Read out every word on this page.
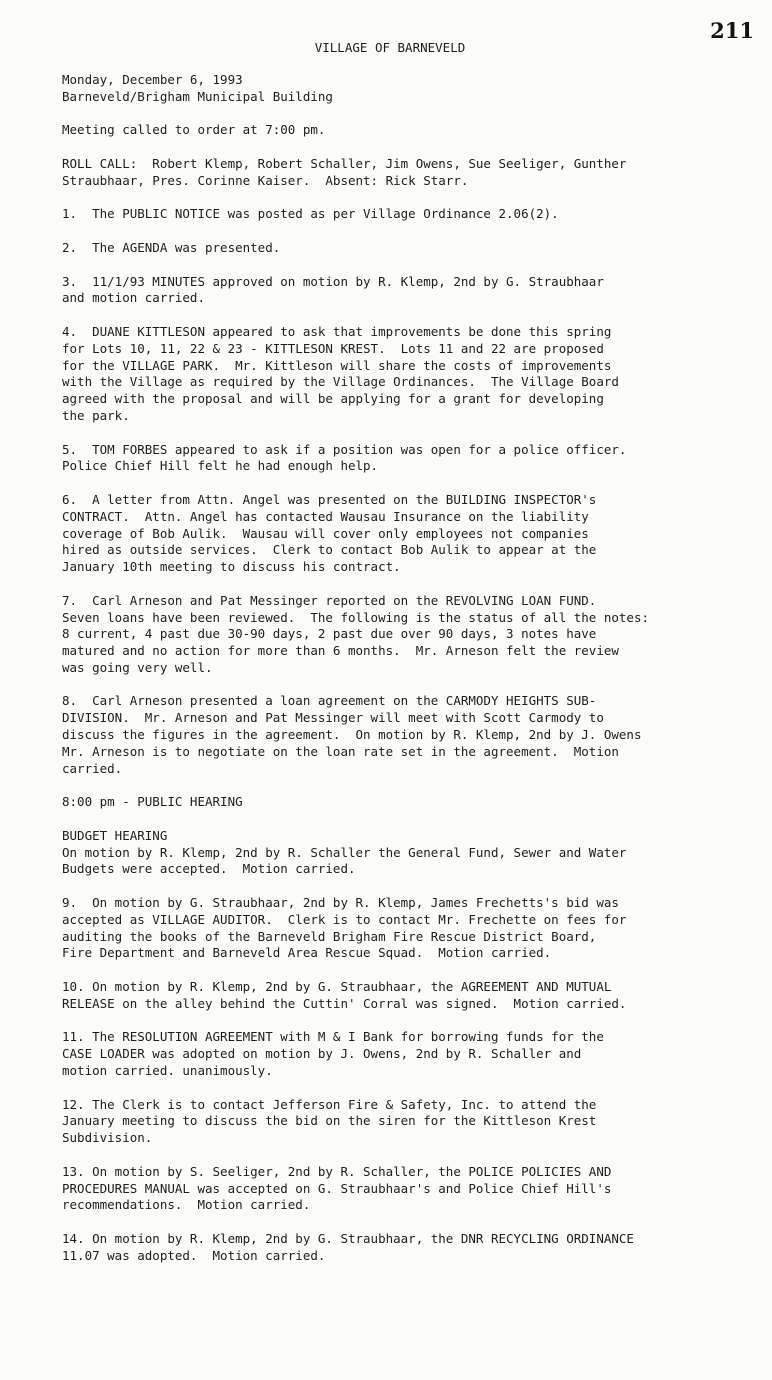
211
VILLAGE OF BARNEVELD
Monday, December 6, 1993
Barneveld/Brigham Municipal Building
Meeting called to order at 7:00 pm.
ROLL CALL:  Robert Klemp, Robert Schaller, Jim Owens, Sue Seeliger, Gunther
Straubhaar, Pres. Corinne Kaiser.  Absent: Rick Starr.
1.  The PUBLIC NOTICE was posted as per Village Ordinance 2.06(2).
2.  The AGENDA was presented.
3.  11/1/93 MINUTES approved on motion by R. Klemp, 2nd by G. Straubhaar
and motion carried.
4.  DUANE KITTLESON appeared to ask that improvements be done this spring
for Lots 10, 11, 22 & 23 - KITTLESON KREST.  Lots 11 and 22 are proposed
for the VILLAGE PARK.  Mr. Kittleson will share the costs of improvements
with the Village as required by the Village Ordinances.  The Village Board
agreed with the proposal and will be applying for a grant for developing
the park.
5.  TOM FORBES appeared to ask if a position was open for a police officer.
Police Chief Hill felt he had enough help.
6.  A letter from Attn. Angel was presented on the BUILDING INSPECTOR's
CONTRACT.  Attn. Angel has contacted Wausau Insurance on the liability
coverage of Bob Aulik.  Wausau will cover only employees not companies
hired as outside services.  Clerk to contact Bob Aulik to appear at the
January 10th meeting to discuss his contract.
7.  Carl Arneson and Pat Messinger reported on the REVOLVING LOAN FUND.
Seven loans have been reviewed.  The following is the status of all the notes:
8 current, 4 past due 30-90 days, 2 past due over 90 days, 3 notes have
matured and no action for more than 6 months.  Mr. Arneson felt the review
was going very well.
8.  Carl Arneson presented a loan agreement on the CARMODY HEIGHTS SUB-
DIVISION.  Mr. Arneson and Pat Messinger will meet with Scott Carmody to
discuss the figures in the agreement.  On motion by R. Klemp, 2nd by J. Owens
Mr. Arneson is to negotiate on the loan rate set in the agreement.  Motion
carried.
8:00 pm - PUBLIC HEARING
BUDGET HEARING
On motion by R. Klemp, 2nd by R. Schaller the General Fund, Sewer and Water
Budgets were accepted.  Motion carried.
9.  On motion by G. Straubhaar, 2nd by R. Klemp, James Frechetts's bid was
accepted as VILLAGE AUDITOR.  Clerk is to contact Mr. Frechette on fees for
auditing the books of the Barneveld Brigham Fire Rescue District Board,
Fire Department and Barneveld Area Rescue Squad.  Motion carried.
10. On motion by R. Klemp, 2nd by G. Straubhaar, the AGREEMENT AND MUTUAL
RELEASE on the alley behind the Cuttin' Corral was signed.  Motion carried.
11. The RESOLUTION AGREEMENT with M & I Bank for borrowing funds for the
CASE LOADER was adopted on motion by J. Owens, 2nd by R. Schaller and
motion carried. unanimously.
12. The Clerk is to contact Jefferson Fire & Safety, Inc. to attend the
January meeting to discuss the bid on the siren for the Kittleson Krest
Subdivision.
13. On motion by S. Seeliger, 2nd by R. Schaller, the POLICE POLICIES AND
PROCEDURES MANUAL was accepted on G. Straubhaar's and Police Chief Hill's
recommendations.  Motion carried.
14. On motion by R. Klemp, 2nd by G. Straubhaar, the DNR RECYCLING ORDINANCE
11.07 was adopted.  Motion carried.
